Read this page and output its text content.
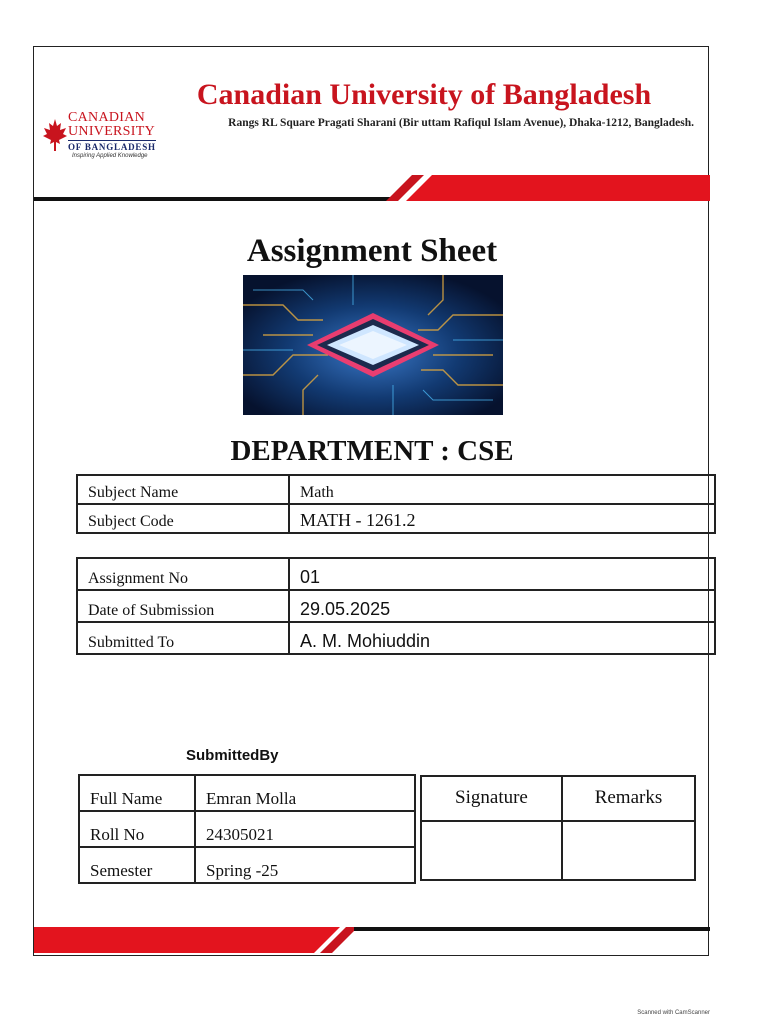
CANADIAN
UNIVERSITY
OF BANGLADESH
Inspiring Applied Knowledge
Canadian University of Bangladesh
Rangs RL Square Pragati Sharani (Bir uttam Rafiqul Islam Avenue), Dhaka-1212, Bangladesh.
Assignment Sheet
DEPARTMENT : CSE
Subject Name	Math
Subject Code	MATH - 1261.2
Assignment No	01
Date of Submission	29.05.2025
Submitted To	A. M. Mohiuddin
SubmittedBy
Full Name	Emran Molla
Roll No	24305021
Semester	Spring -25
Signature	Remarks

Scanned with CamScanner
